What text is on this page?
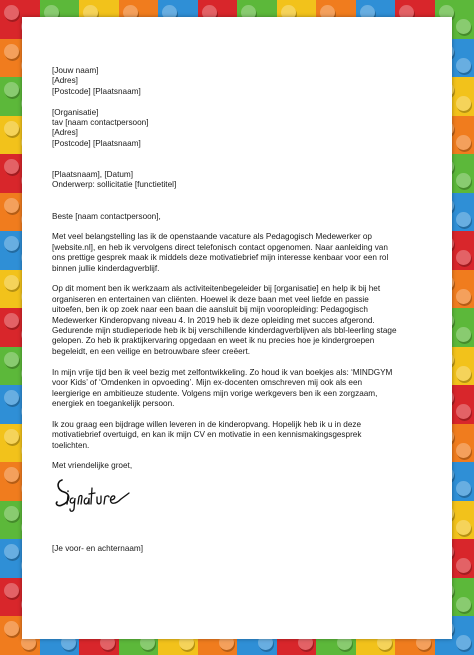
[Jouw naam]
[Adres]
[Postcode] [Plaatsnaam]
[Organisatie]
tav [naam contactpersoon]
[Adres]
[Postcode] [Plaatsnaam]
[Plaatsnaam], [Datum]
Onderwerp: sollicitatie [functietitel]

Beste [naam contactpersoon],

Met veel belangstelling las ik de openstaande vacature als Pedagogisch Medewerker op
[website.nl], en heb ik vervolgens direct telefonisch contact opgenomen. Naar aanleiding van
ons prettige gesprek maak ik middels deze motivatiebrief mijn interesse kenbaar voor een rol
binnen jullie kinderdagverblijf.

Op dit moment ben ik werkzaam als activiteitenbegeleider bij [organisatie] en help ik bij het
organiseren en entertainen van cliënten. Hoewel ik deze baan met veel liefde en passie
uitoefen, ben ik op zoek naar een baan die aansluit bij mijn vooropleiding: Pedagogisch
Medewerker Kinderopvang niveau 4. In 2019 heb ik deze opleiding met succes afgerond.
Gedurende mijn studieperiode heb ik bij verschillende kinderdagverblijven als bbl-leerling stage
gelopen. Zo heb ik praktijkervaring opgedaan en weet ik nu precies hoe je kindergroepen
begeleidt, en een veilige en betrouwbare sfeer creëert.

In mijn vrije tijd ben ik veel bezig met zelfontwikkeling. Zo houd ik van boekjes als: ‘MINDGYM
voor Kids’ of ‘Omdenken in opvoeding’. Mijn ex-docenten omschreven mij ook als een
leergierige en ambitieuze studente. Volgens mijn vorige werkgevers ben ik een zorgzaam,
energiek en toegankelijk persoon.

Ik zou graag een bijdrage willen leveren in de kinderopvang. Hopelijk heb ik u in deze
motivatiebrief overtuigd, en kan ik mijn CV en motivatie in een kennismakingsgesprek
toelichten.

Met vriendelijke groet,

[Je voor- en achternaam]
